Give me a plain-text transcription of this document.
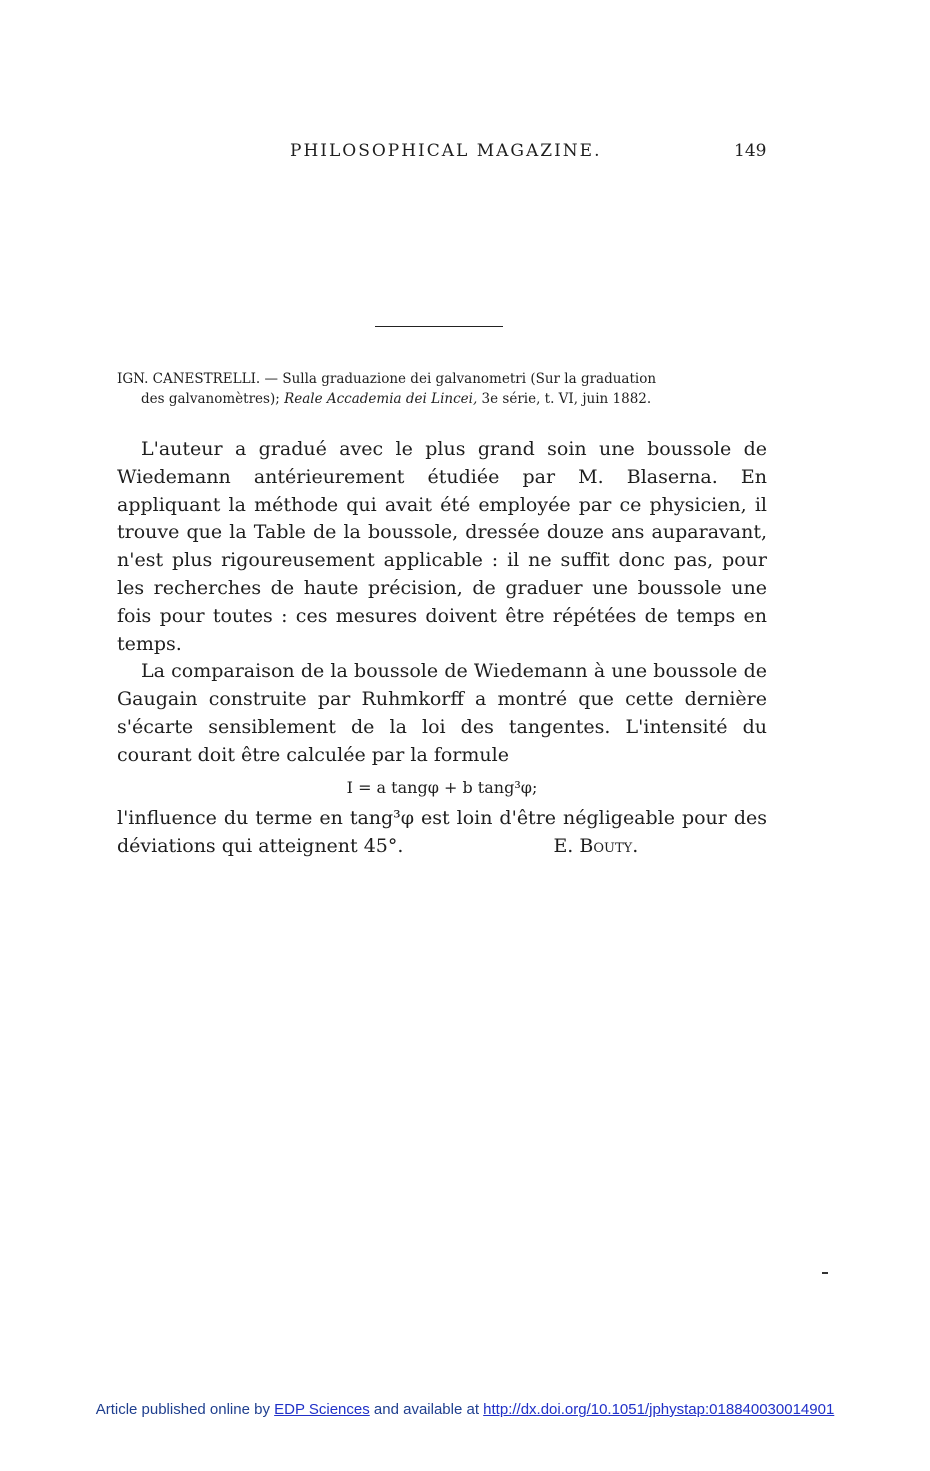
PHILOSOPHICAL MAGAZINE.	149
IGN. CANESTRELLI. — Sulla graduazione dei galvanometri (Sur la graduation
des galvanomètres); Reale Accademia dei Lincei, 3e série, t. VI, juin 1882.

L'auteur a gradué avec le plus grand soin une boussole de Wiedemann antérieurement étudiée par M. Blaserna. En appliquant la méthode qui avait été employée par ce physicien, il trouve que la Table de la boussole, dressée douze ans auparavant, n'est plus rigoureusement applicable : il ne suffit donc pas, pour les recherches de haute précision, de graduer une boussole une fois pour toutes : ces mesures doivent être répétées de temps en temps.

La comparaison de la boussole de Wiedemann à une boussole de Gaugain construite par Ruhmkorff a montré que cette dernière s'écarte sensiblement de la loi des tangentes. L'intensité du courant doit être calculée par la formule

I = a tangφ + b tang³φ;

l'influence du terme en tang³φ est loin d'être négligeable pour des déviations qui atteignent 45°.	E. Bouty.

Article published online by EDP Sciences and available at http://dx.doi.org/10.1051/jphystap:018840030014901
